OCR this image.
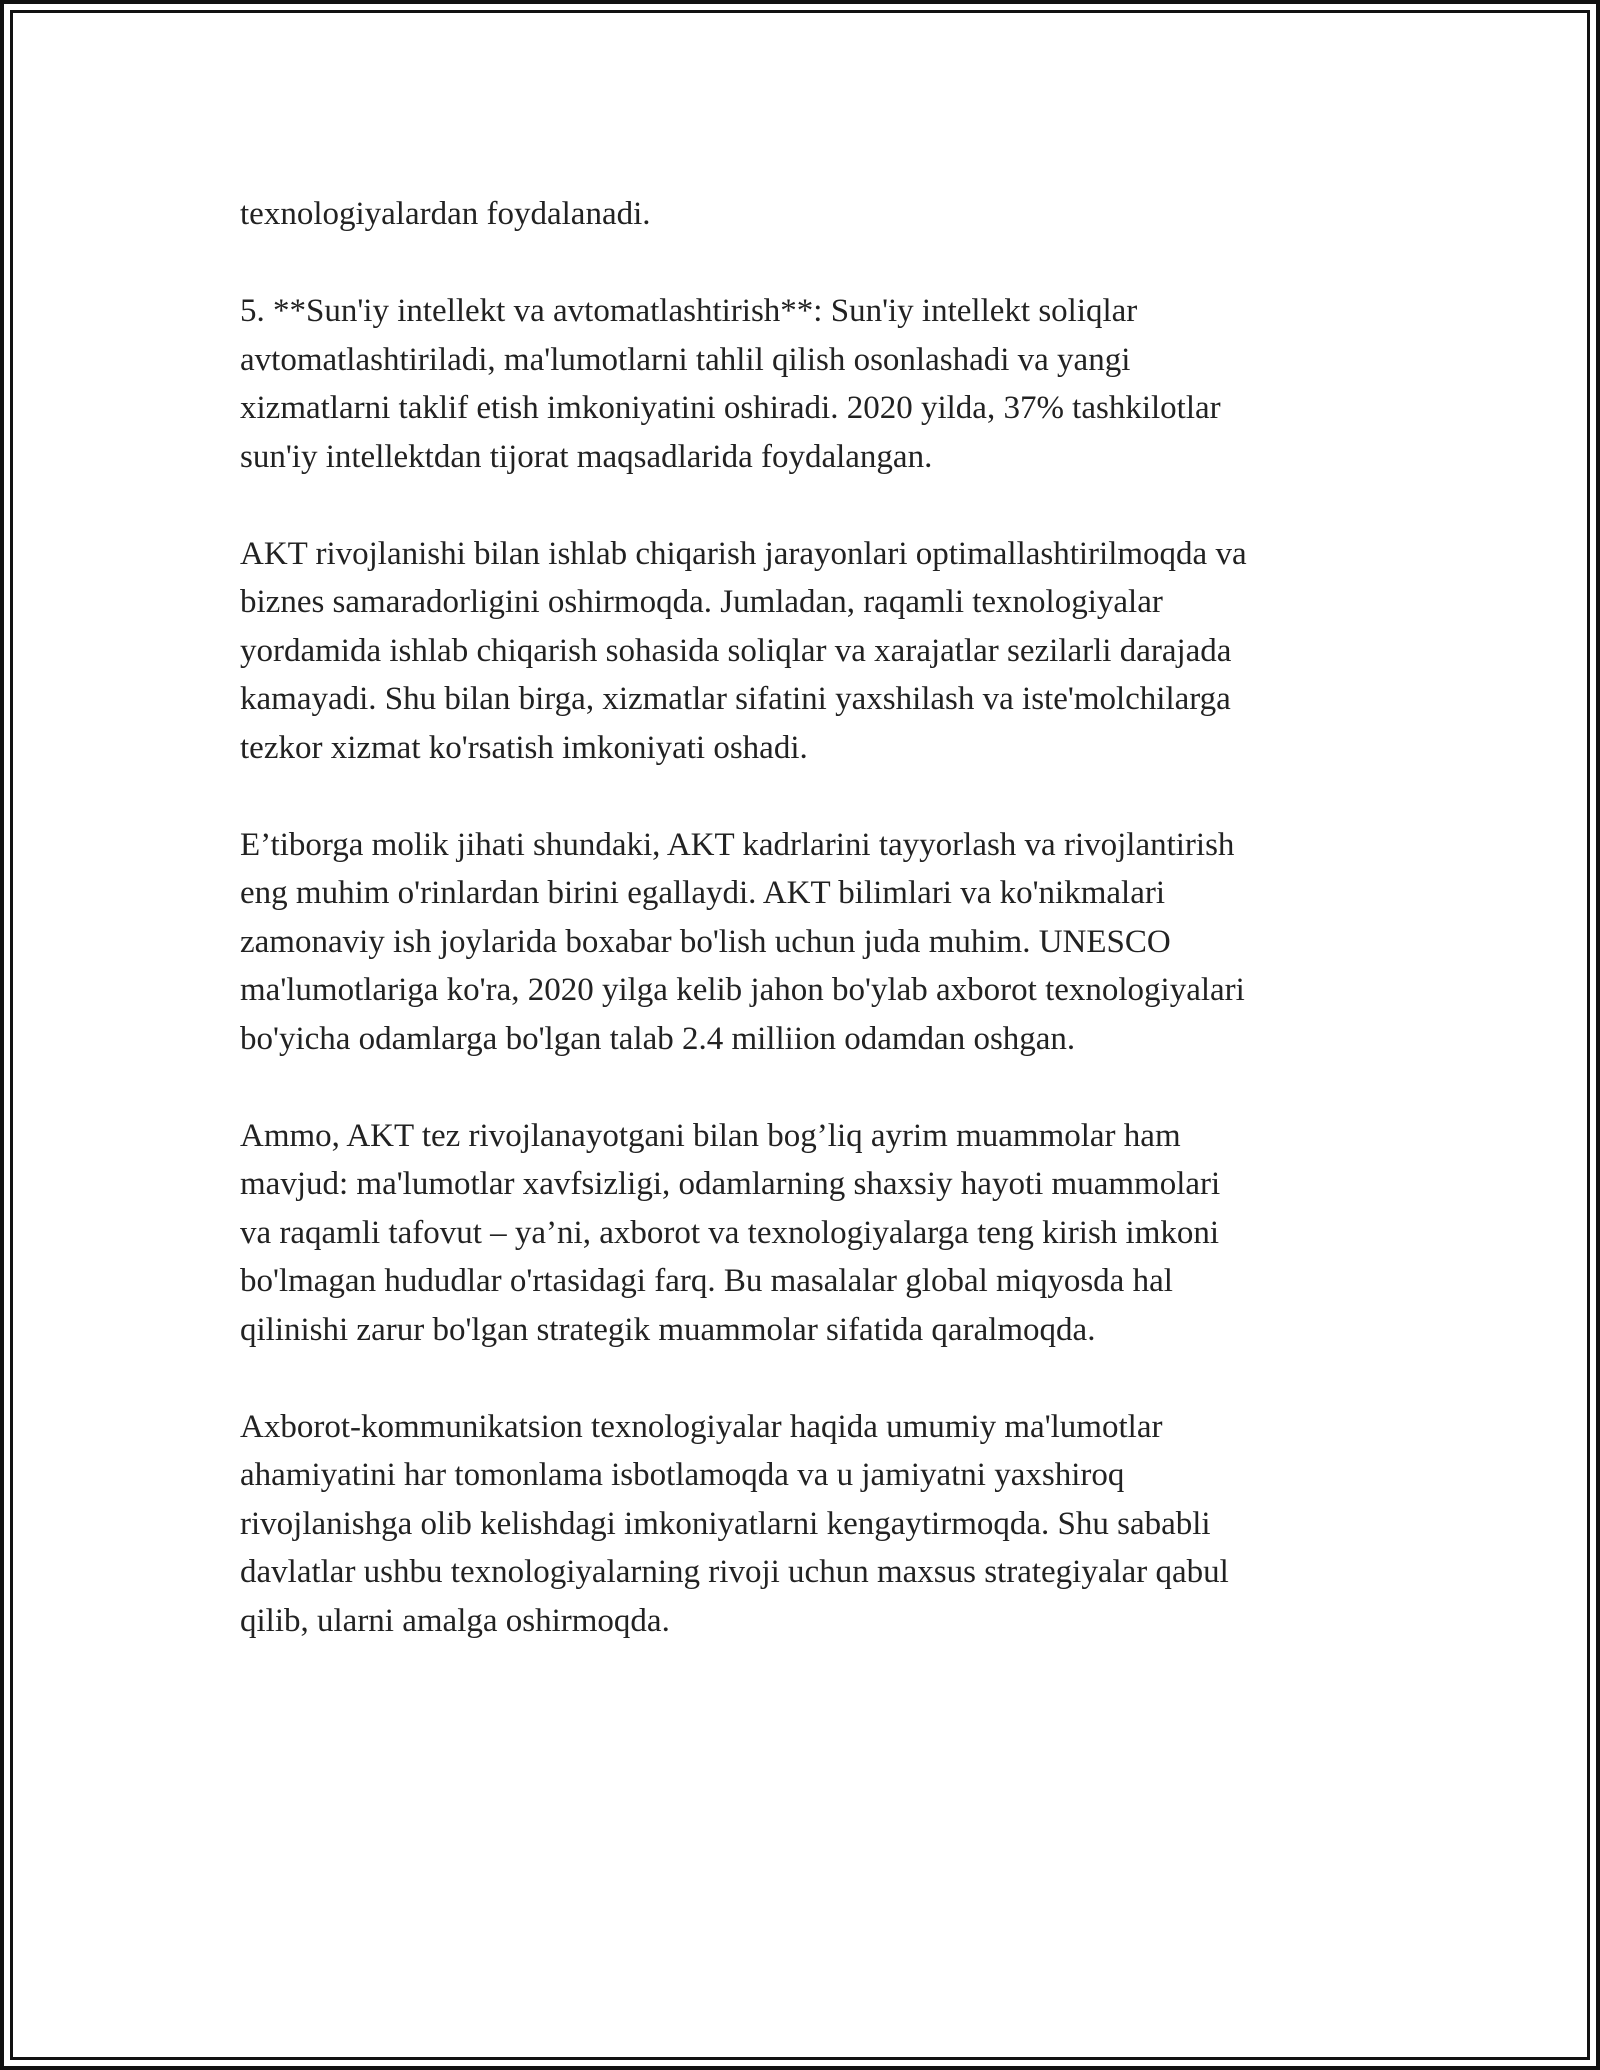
texnologiyalardan foydalanadi.

5. **Sun'iy intellekt va avtomatlashtirish**: Sun'iy intellekt soliqlar
avtomatlashtiriladi, ma'lumotlarni tahlil qilish osonlashadi va yangi
xizmatlarni taklif etish imkoniyatini oshiradi. 2020 yilda, 37% tashkilotlar
sun'iy intellektdan tijorat maqsadlarida foydalangan.

AKT rivojlanishi bilan ishlab chiqarish jarayonlari optimallashtirilmoqda va
biznes samaradorligini oshirmoqda. Jumladan, raqamli texnologiyalar
yordamida ishlab chiqarish sohasida soliqlar va xarajatlar sezilarli darajada
kamayadi. Shu bilan birga, xizmatlar sifatini yaxshilash va iste'molchilarga
tezkor xizmat ko'rsatish imkoniyati oshadi.

E’tiborga molik jihati shundaki, AKT kadrlarini tayyorlash va rivojlantirish
eng muhim o'rinlardan birini egallaydi. AKT bilimlari va ko'nikmalari
zamonaviy ish joylarida boxabar bo'lish uchun juda muhim. UNESCO
ma'lumotlariga ko'ra, 2020 yilga kelib jahon bo'ylab axborot texnologiyalari
bo'yicha odamlarga bo'lgan talab 2.4 milliion odamdan oshgan.

Ammo, AKT tez rivojlanayotgani bilan bog’liq ayrim muammolar ham
mavjud: ma'lumotlar xavfsizligi, odamlarning shaxsiy hayoti muammolari
va raqamli tafovut – ya’ni, axborot va texnologiyalarga teng kirish imkoni
bo'lmagan hududlar o'rtasidagi farq. Bu masalalar global miqyosda hal
qilinishi zarur bo'lgan strategik muammolar sifatida qaralmoqda.

Axborot-kommunikatsion texnologiyalar haqida umumiy ma'lumotlar
ahamiyatini har tomonlama isbotlamoqda va u jamiyatni yaxshiroq
rivojlanishga olib kelishdagi imkoniyatlarni kengaytirmoqda. Shu sababli
davlatlar ushbu texnologiyalarning rivoji uchun maxsus strategiyalar qabul
qilib, ularni amalga oshirmoqda.
